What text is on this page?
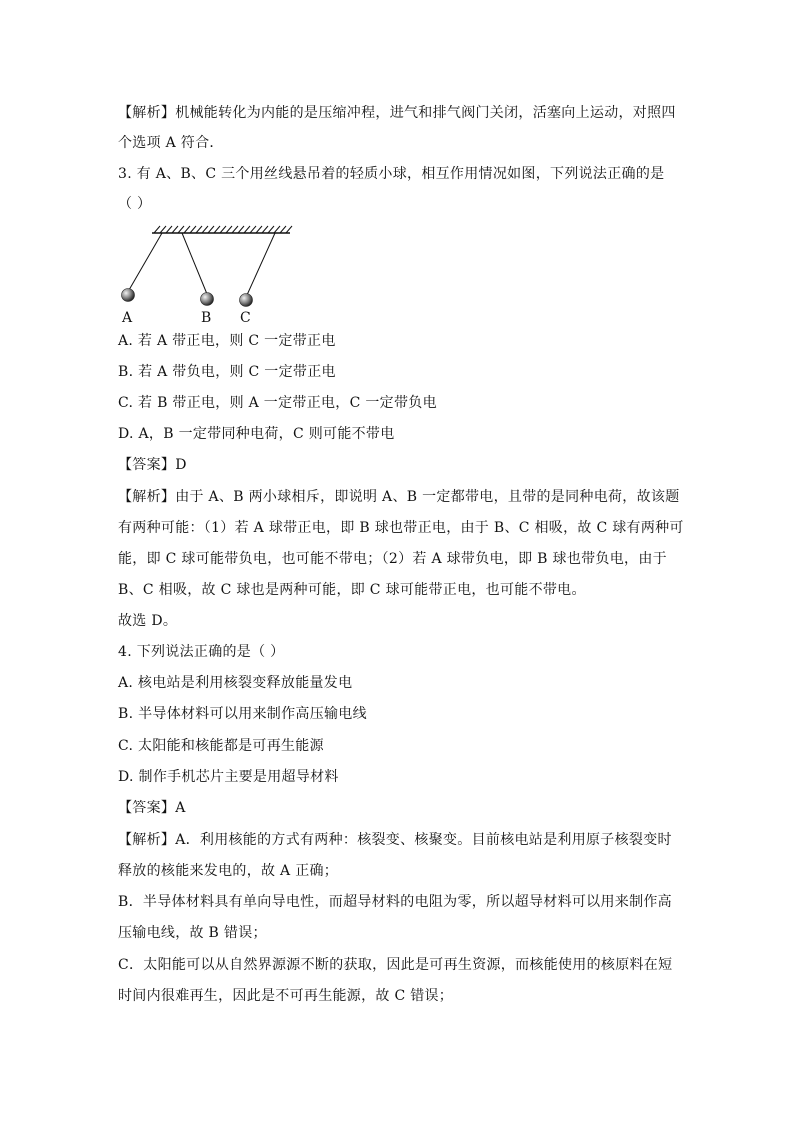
【解析】机械能转化为内能的是压缩冲程，进气和排气阀门关闭，活塞向上运动，对照四
个选项 A 符合．
3. 有 A、B、C 三个用丝线悬吊着的轻质小球，相互作用情况如图，下列说法正确的是
（ ）
A	B C
A. 若 A 带正电，则 C 一定带正电
B. 若 A 带负电，则 C 一定带正电
C. 若 B 带正电，则 A 一定带正电，C 一定带负电
D. A，B 一定带同种电荷，C 则可能不带电
【答案】D
【解析】由于 A、B 两小球相斥，即说明 A、B 一定都带电，且带的是同种电荷，故该题
有两种可能：（1）若 A 球带正电，即 B 球也带正电，由于 B、C 相吸，故 C 球有两种可
能，即 C 球可能带负电，也可能不带电；（2）若 A 球带负电，即 B 球也带负电，由于
B、C 相吸，故 C 球也是两种可能，即 C 球可能带正电，也可能不带电。
故选 D。
4. 下列说法正确的是（ ）
A. 核电站是利用核裂变释放能量发电
B. 半导体材料可以用来制作高压输电线
C. 太阳能和核能都是可再生能源
D. 制作手机芯片主要是用超导材料
【答案】A
【解析】A．利用核能的方式有两种：核裂变、核聚变。目前核电站是利用原子核裂变时
释放的核能来发电的，故 A 正确；
B．半导体材料具有单向导电性，而超导材料的电阻为零，所以超导材料可以用来制作高
压输电线，故 B 错误；
C．太阳能可以从自然界源源不断的获取，因此是可再生资源，而核能使用的核原料在短
时间内很难再生，因此是不可再生能源，故 C 错误；
